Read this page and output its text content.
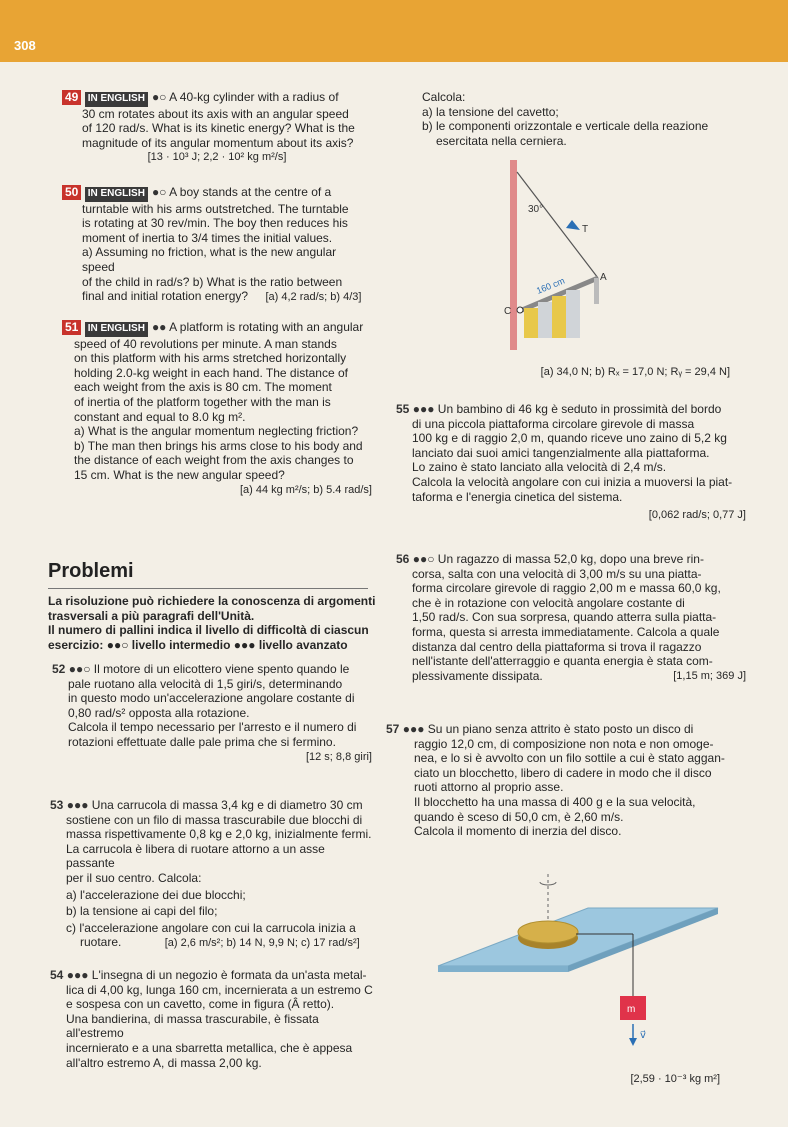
308

49 IN ENGLISH ●○ A 40-kg cylinder with a radius of

30 cm rotates about its axis with an angular speed

of 120 rad/s. What is its kinetic energy? What is the

magnitude of its angular momentum about its axis?

[13 · 10³ J; 2,2 · 10² kg m²/s]

50 IN ENGLISH ●○ A boy stands at the centre of a

turntable with his arms outstretched. The turntable

is rotating at 30 rev/min. The boy then reduces his

moment of inertia to 3/4 times the initial values.

a) Assuming no friction, what is the new angular speed

of the child in rad/s? b) What is the ratio between

final and initial rotation energy? [a) 4,2 rad/s; b) 4/3]

51 IN ENGLISH ●● A platform is rotating with an angular

speed of 40 revolutions per minute. A man stands

on this platform with his arms stretched horizontally

holding 2.0-kg weight in each hand. The distance of

each weight from the axis is 80 cm. The moment

of inertia of the platform together with the man is

constant and equal to 8.0 kg m².

a) What is the angular momentum neglecting friction?

b) The man then brings his arms close to his body and

the distance of each weight from the axis changes to

15 cm. What is the new angular speed?

[a) 44 kg m²/s; b) 5.4 rad/s]

Calcola:

a) la tensione del cavetto;

b) le componenti orizzontale e verticale della reazione

esercitata nella cerniera.

30°
T
160 cm	A
C
[a) 34,0 N; b) Rₓ = 17,0 N; Rᵧ = 29,4 N]

55 ●●● Un bambino di 46 kg è seduto in prossimità del bordo

di una piccola piattaforma circolare girevole di massa

100 kg e di raggio 2,0 m, quando riceve uno zaino di 5,2 kg

lanciato dai suoi amici tangenzialmente alla piattaforma.

Lo zaino è stato lanciato alla velocità di 2,4 m/s.

Calcola la velocità angolare con cui inizia a muoversi la piat-

taforma e l'energia cinetica del sistema.

[0,062 rad/s; 0,77 J]

Problemi

La risoluzione può richiedere la conoscenza di argomenti

trasversali a più paragrafi dell'Unità.

Il numero di pallini indica il livello di difficoltà di ciascun

esercizio: ●●○ livello intermedio ●●● livello avanzato

52 ●●○ Il motore di un elicottero viene spento quando le

pale ruotano alla velocità di 1,5 giri/s, determinando

in questo modo un'accelerazione angolare costante di

0,80 rad/s² opposta alla rotazione.

Calcola il tempo necessario per l'arresto e il numero di

rotazioni effettuate dalle pale prima che si fermino.

[12 s; 8,8 giri]

53 ●●● Una carrucola di massa 3,4 kg e di diametro 30 cm

sostiene con un filo di massa trascurabile due blocchi di

massa rispettivamente 0,8 kg e 2,0 kg, inizialmente fermi.

La carrucola è libera di ruotare attorno a un asse passante

per il suo centro. Calcola:

a) l'accelerazione dei due blocchi;

b) la tensione ai capi del filo;

c) l'accelerazione angolare con cui la carrucola inizia a

ruotare.	[a) 2,6 m/s²; b) 14 N, 9,9 N; c) 17 rad/s²]

54 ●●● L'insegna di un negozio è formata da un'asta metal-

lica di 4,00 kg, lunga 160 cm, incernierata a un estremo C

e sospesa con un cavetto, come in figura (Â retto).

Una bandierina, di massa trascurabile, è fissata all'estremo

incernierato e a una sbarretta metallica, che è appesa

all'altro estremo A, di massa 2,00 kg.

56 ●●○ Un ragazzo di massa 52,0 kg, dopo una breve rin-

corsa, salta con una velocità di 3,00 m/s su una piatta-

forma circolare girevole di raggio 2,00 m e massa 60,0 kg,

che è in rotazione con velocità angolare costante di

1,50 rad/s. Con sua sorpresa, quando atterra sulla piatta-

forma, questa si arresta immediatamente. Calcola a quale

distanza dal centro della piattaforma si trova il ragazzo

nell'istante dell'atterraggio e quanta energia è stata com-

plessivamente dissipata.	[1,15 m; 369 J]

57 ●●● Su un piano senza attrito è stato posto un disco di

raggio 12,0 cm, di composizione non nota e non omoge-

nea, e lo si è avvolto con un filo sottile a cui è stato aggan-

ciato un blocchetto, libero di cadere in modo che il disco

ruoti attorno al proprio asse.

Il blocchetto ha una massa di 400 g e la sua velocità,

quando è sceso di 50,0 cm, è 2,60 m/s.

Calcola il momento di inerzia del disco.

m
v⃗
[2,59 · 10⁻³ kg m²]
